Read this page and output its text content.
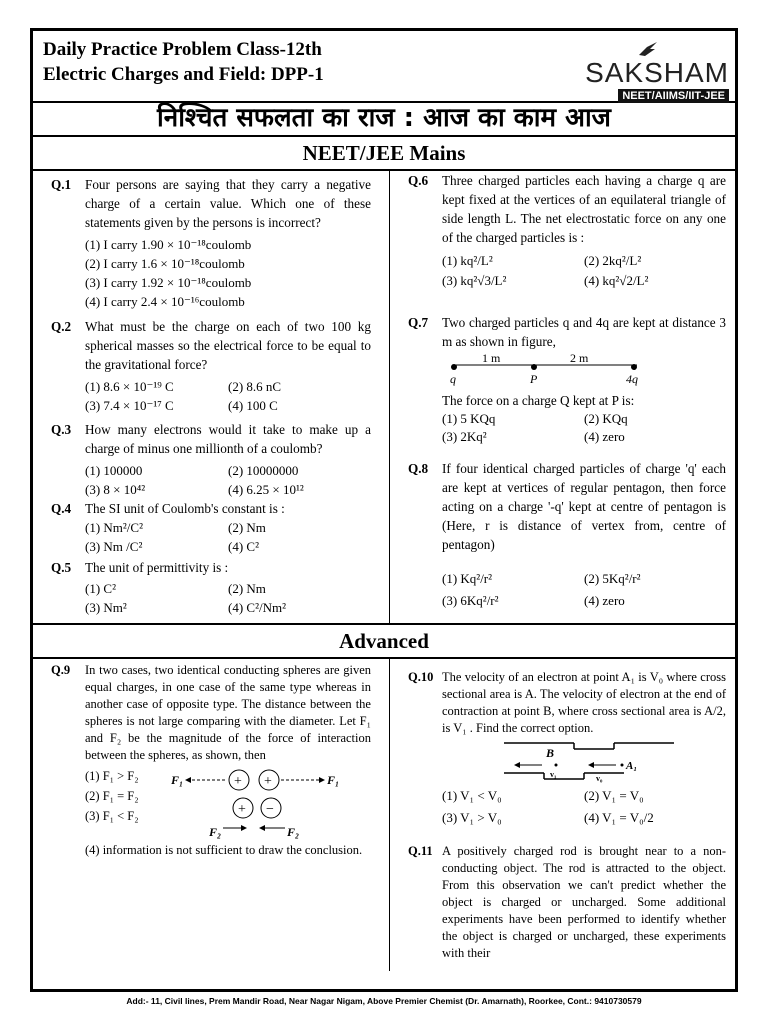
Daily Practice Problem Class-12th
Electric Charges and Field: DPP-1	SAKSHAM
NEET/AIIMS/IIT-JEE
निश्चित सफलता का राज : आज का काम आज
NEET/JEE Mains
Q.1 Four persons are saying that they carry a negative charge of a certain value. Which one of these statements given by the persons is incorrect?
(1) I carry 1.90 × 10⁻¹⁸coulomb
(2) I carry 1.6 × 10⁻¹⁸coulomb
(3) I carry 1.92 × 10⁻¹⁸coulomb
(4) I carry 2.4 × 10⁻¹⁶coulomb
Q.2 What must be the charge on each of two 100 kg spherical masses so the electrical force to be equal to the gravitational force?
(1) 8.6 × 10⁻¹⁹ C	(2) 8.6 nC
(3) 7.4 × 10⁻¹⁷ C	(4) 100 C
Q.3 How many electrons would it take to make up a charge of minus one millionth of a coulomb?
(1) 100000	(2) 10000000
(3) 8 × 10⁴²	(4) 6.25 × 10¹²
Q.4 The SI unit of Coulomb's constant is :
(1) Nm²/C²	(2) Nm
(3) Nm /C²	(4) C²
Q.5 The unit of permittivity is :
(1) C²	(2) Nm
(3) Nm²	(4) C²/Nm²
Q.6 Three charged particles each having a charge q are kept fixed at the vertices of an equilateral triangle of side length L. The net electrostatic force on any one of the charged particles is :
(1) kq²/L²	(2) 2kq²/L²
(3) kq²√3/L²	(4) kq²√2/L²
Q.7 Two charged particles q and 4q are kept at distance 3 m as shown in figure,
1 m	2 m
q	P	4q
The force on a charge Q kept at P is:
(1) 5 KQq	(2) KQq
(3) 2Kq²	(4) zero
Q.8 If four identical charged particles of charge 'q' each are kept at vertices of regular pentagon, then force acting on a charge '-q' kept at centre of pentagon is (Here, r is distance of vertex from, centre of pentagon)
(1) Kq²/r²	(2) 5Kq²/r²
(3) 6Kq²/r²	(4) zero
Advanced
Q.9 In two cases, two identical conducting spheres are given equal charges, in one case of the same type whereas in another case of opposite type. The distance between the spheres is not large comparing with the diameter. Let F₁ and F₂ be the magnitude of the force of interaction between the spheres, as shown, then
(1) F₁ > F₂
(2) F₁ = F₂
(3) F₁ < F₂
F₁	+ +	F₁
+ −
F₂	F₂
(4) information is not sufficient to draw the conclusion.
Q.10 The velocity of an electron at point A₁ is V₀ where cross sectional area is A. The velocity of electron at the end of contraction at point B, where cross sectional area is A/2, is V₁ . Find the correct option.
B
A₁
v₁	v₀
(1) V₁ < V₀	(2) V₁ = V₀
(3) V₁ > V₀	(4) V₁ = V₀/2
Q.11 A positively charged rod is brought near to a non-conducting object. The rod is attracted to the object. From this observation we can't predict whether the object is charged or uncharged. Some additional experiments have been performed to identify whether the object is charged or uncharged, these experiments with their
Add:- 11, Civil lines, Prem Mandir Road, Near Nagar Nigam, Above Premier Chemist (Dr. Amarnath), Roorkee, Cont.: 9410730579
